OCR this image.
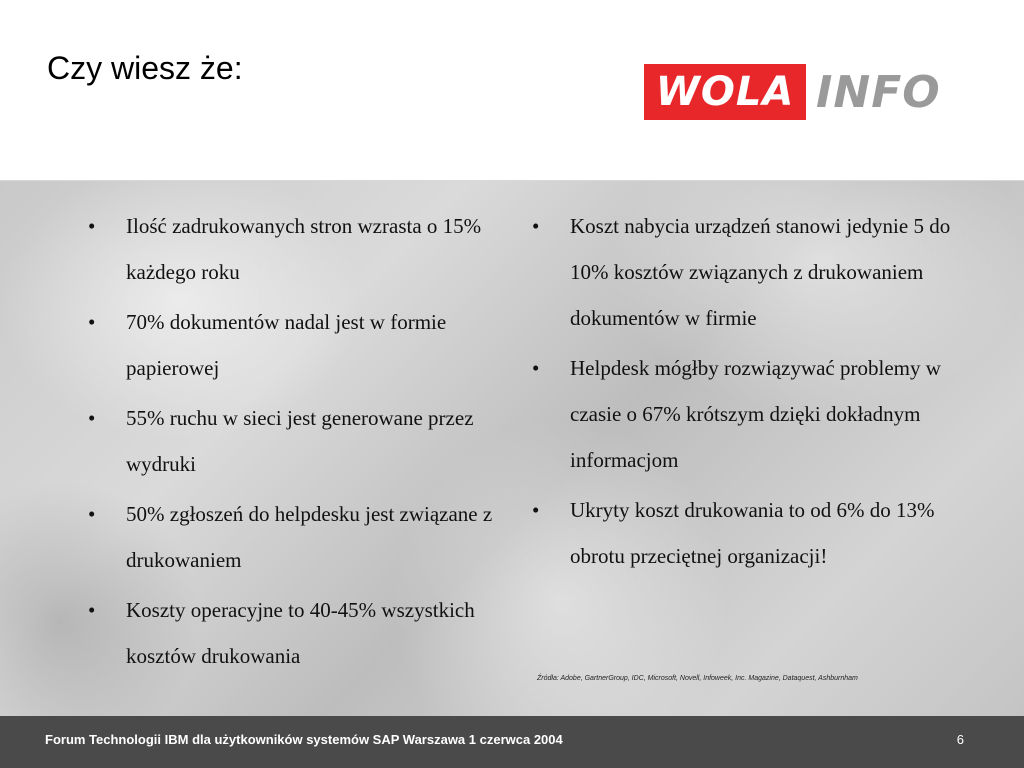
Czy wiesz że:
WOLA INFO
• Ilość zadrukowanych stron wzrasta o 15% każdego roku
• 70% dokumentów nadal jest w formie papierowej
• 55% ruchu w sieci jest generowane przez wydruki
• 50% zgłoszeń do helpdesku jest związane z drukowaniem
• Koszty operacyjne to 40-45% wszystkich kosztów drukowania
• Koszt nabycia urządzeń stanowi jedynie 5 do 10% kosztów związanych z drukowaniem dokumentów w firmie
• Helpdesk mógłby rozwiązywać problemy w czasie o 67% krótszym dzięki dokładnym informacjom
• Ukryty koszt drukowania to od 6% do 13% obrotu przeciętnej organizacji!
Źródła: Adobe, GartnerGroup, IDC, Microsoft, Novell, Infoweek, Inc. Magazine, Dataquest, Ashburnham
Forum Technologii IBM dla użytkowników systemów SAP Warszawa 1 czerwca 2004	6
